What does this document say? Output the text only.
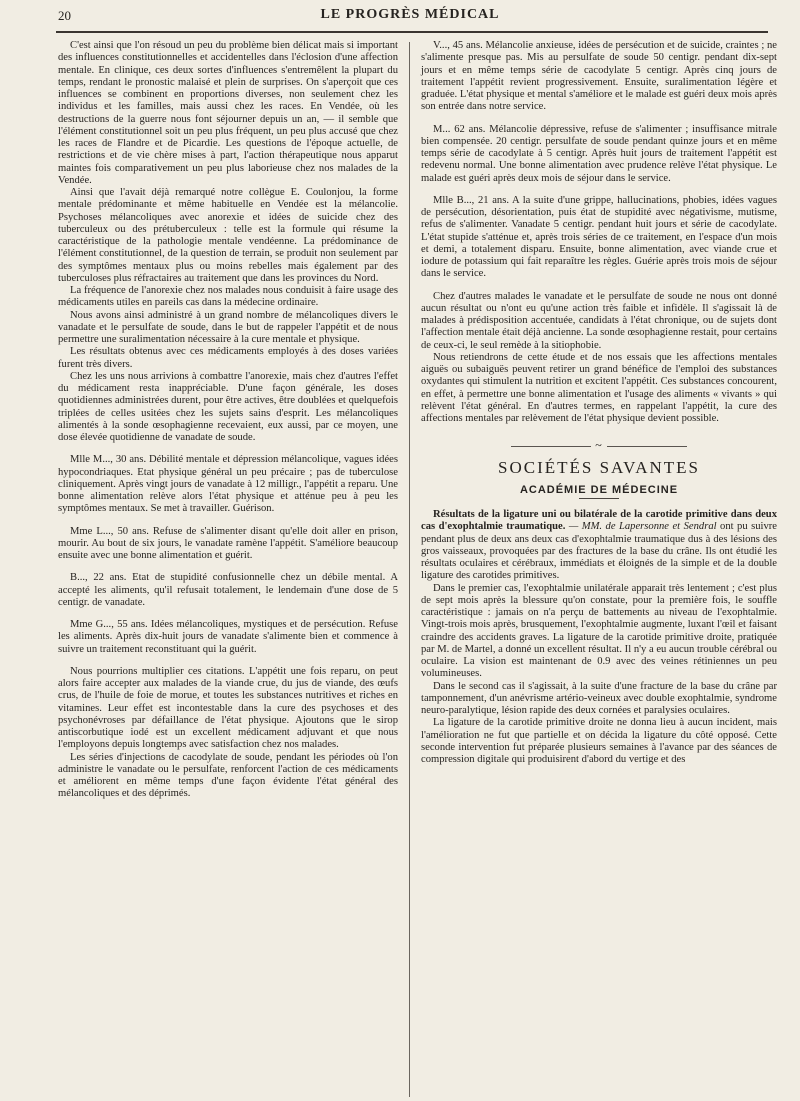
20	LE PROGRÈS MÉDICAL

C'est ainsi que l'on résoud un peu du problème bien délicat mais si important des influences constitutionnelles et accidentelles dans l'éclosion d'une affection mentale. En clinique, ces deux sortes d'influences s'entremêlent la plupart du temps, rendant le pronostic malaisé et plein de surprises. On s'aperçoit que ces influences se combinent en proportions diverses, non seulement chez les individus et les familles, mais aussi chez les races. En Vendée, où les destructions de la guerre nous font séjourner depuis un an, — il semble que l'élément constitutionnel soit un peu plus fréquent, un peu plus accusé que chez les races de Flandre et de Picardie. Les questions de l'époque actuelle, de restrictions et de vie chère mises à part, l'action thérapeutique nous apparut maintes fois comparativement un peu plus laborieuse chez nos malades de la Vendée.

Ainsi que l'avait déjà remarqué notre collègue E. Coulonjou, la forme mentale prédominante et même habituelle en Vendée est la mélancolie. Psychoses mélancoliques avec anorexie et idées de suicide chez des tuberculeux ou des prétuberculeux : telle est la formule qui résume la caractéristique de la pathologie mentale vendéenne. La prédominance de l'élément constitutionnel, de la question de terrain, se produit non seulement par des symptômes mentaux plus ou moins rebelles mais également par des tuberculoses plus réfractaires au traitement que dans les provinces du Nord.

La fréquence de l'anorexie chez nos malades nous conduisit à faire usage des médicaments utiles en pareils cas dans la médecine ordinaire.

Nous avons ainsi administré à un grand nombre de mélancoliques divers le vanadate et le persulfate de soude, dans le but de rappeler l'appétit et de nous permettre une suralimentation nécessaire à la cure mentale et physique.

Les résultats obtenus avec ces médicaments employés à des doses variées furent très divers.

Chez les uns nous arrivions à combattre l'anorexie, mais chez d'autres l'effet du médicament resta inappréciable. D'une façon générale, les doses quotidiennes administrées durent, pour être actives, être doublées et quelquefois triplées de celles usitées chez les sujets sains d'esprit. Les mélancoliques alimentés à la sonde œsophagienne recevaient, eux aussi, par ce moyen, une dose élevée quotidienne de vanadate de soude.

Mlle M..., 30 ans. Débilité mentale et dépression mélancolique, vagues idées hypocondriaques. Etat physique général un peu précaire ; pas de tuberculose cliniquement. Après vingt jours de vanadate à 12 milligr., l'appétit a reparu. Une bonne alimentation relève alors l'état physique et atténue peu à peu les symptômes mentaux. Se met à travailler. Guérison.

Mme L..., 50 ans. Refuse de s'alimenter disant qu'elle doit aller en prison, mourir. Au bout de six jours, le vanadate ramène l'appétit. S'améliore beaucoup ensuite avec une bonne alimentation et guérit.

B..., 22 ans. Etat de stupidité confusionnelle chez un débile mental. A accepté les aliments, qu'il refusait totalement, le lendemain d'une dose de 5 centigr. de vanadate.

Mme G..., 55 ans. Idées mélancoliques, mystiques et de persécution. Refuse les aliments. Après dix-huit jours de vanadate s'alimente bien et commence à suivre un traitement reconstituant qui la guérit.

Nous pourrions multiplier ces citations. L'appétit une fois reparu, on peut alors faire accepter aux malades de la viande crue, du jus de viande, des œufs crus, de l'huile de foie de morue, et toutes les substances nutritives et riches en vitamines. Leur effet est incontestable dans la cure des psychoses et des psychonévroses par défaillance de l'état physique. Ajoutons que le sirop antiscorbutique iodé est un excellent médicament adjuvant et que nous l'employons depuis longtemps avec satisfaction chez nos malades.

Les séries d'injections de cacodylate de soude, pendant les périodes où l'on administre le vanadate ou le persulfate, renforcent l'action de ces médicaments et améliorent en même temps d'une façon évidente l'état général des mélancoliques et des déprimés.

V..., 45 ans. Mélancolie anxieuse, idées de persécution et de suicide, craintes ; ne s'alimente presque pas. Mis au persulfate de soude 50 centigr. pendant dix-sept jours et en même temps série de cacodylate 5 centigr. Après cinq jours de traitement l'appétit revient progressivement. Ensuite, suralimentation légère et graduée. L'état physique et mental s'améliore et le malade est guéri deux mois après son entrée dans notre service.

M... 62 ans. Mélancolie dépressive, refuse de s'alimenter ; insuffisance mitrale bien compensée. 20 centigr. persulfate de soude pendant quinze jours et en même temps série de cacodylate à 5 centigr. Après huit jours de traitement l'appétit est redevenu normal. Une bonne alimentation avec prudence relève l'état physique. Le malade est guéri après deux mois de séjour dans le service.

Mlle B..., 21 ans. A la suite d'une grippe, hallucinations, phobies, idées vagues de persécution, désorientation, puis état de stupidité avec négativisme, mutisme, refus de s'alimenter. Vanadate 5 centigr. pendant huit jours et série de cacodylate. L'état stupide s'atténue et, après trois séries de ce traitement, en l'espace d'un mois et demi, a totalement disparu. Ensuite, bonne alimentation, avec viande crue et iodure de potassium qui fait reparaître les règles. Guérie après trois mois de séjour dans le service.

Chez d'autres malades le vanadate et le persulfate de soude ne nous ont donné aucun résultat ou n'ont eu qu'une action très faible et infidèle. Il s'agissait là de malades à prédisposition accentuée, candidats à l'état chronique, ou de sujets dont l'affection mentale était déjà ancienne. La sonde œsophagienne restait, pour certains de ceux-ci, le seul remède à la sitiophobie.

Nous retiendrons de cette étude et de nos essais que les affections mentales aiguës ou subaiguës peuvent retirer un grand bénéfice de l'emploi des substances oxydantes qui stimulent la nutrition et excitent l'appétit. Ces substances concourent, en effet, à permettre une bonne alimentation et l'usage des aliments « vivants » qui relèvent l'état général. En d'autres termes, en rappelant l'appétit, la cure des affections mentales par relèvement de l'état physique devient possible.

~
SOCIÉTÉS SAVANTES
ACADÉMIE DE MÉDECINE

Résultats de la ligature uni ou bilatérale de la carotide primitive dans deux cas d'exophtalmie traumatique. — MM. de Lapersonne et Sendral ont pu suivre pendant plus de deux ans deux cas d'exophtalmie traumatique dus à des lésions des gros vaisseaux, provoquées par des fractures de la base du crâne. Ils ont étudié les résultats oculaires et cérébraux, immédiats et éloignés de la simple et de la double ligature des carotides primitives.

Dans le premier cas, l'exophtalmie unilatérale apparait très lentement ; c'est plus de sept mois après la blessure qu'on constate, pour la première fois, le souffle caractéristique : jamais on n'a perçu de battements au niveau de l'exophtalmie. Vingt-trois mois après, brusquement, l'exophtalmie augmente, luxant l'œil et faisant craindre des accidents graves. La ligature de la carotide primitive droite, pratiquée par M. de Martel, a donné un excellent résultat. Il n'y a eu aucun trouble cérébral ou oculaire. La vision est maintenant de 0.9 avec des veines rétiniennes un peu volumineuses.

Dans le second cas il s'agissait, à la suite d'une fracture de la base du crâne par tamponnement, d'un anévrisme artério-veineux avec double exophtalmie, syndrome neuro-paralytique, lésion rapide des deux cornées et paralysies oculaires.

La ligature de la carotide primitive droite ne donna lieu à aucun incident, mais l'amélioration ne fut que partielle et on décida la ligature du côté opposé. Cette seconde intervention fut préparée plusieurs semaines à l'avance par des séances de compression digitale qui produisirent d'abord du vertige et des
